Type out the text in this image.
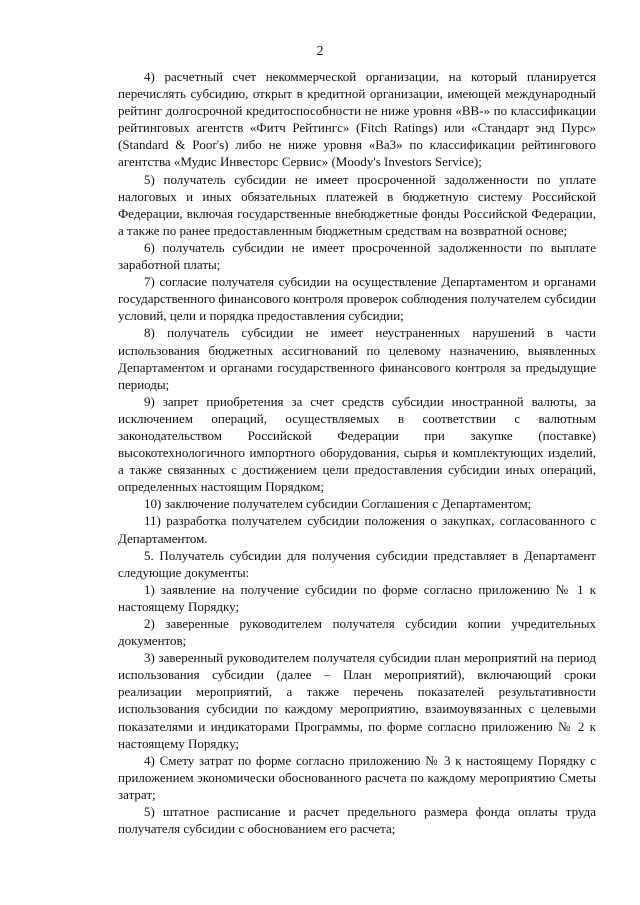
2

4) расчетный счет некоммерческой организации, на который планируется перечислять субсидию, открыт в кредитной организации, имеющей международный рейтинг долгосрочной кредитоспособности не ниже уровня «ВВ-» по классификации рейтинговых агентств «Фитч Рейтингс» (Fitch Ratings) или «Стандарт энд Пурс» (Standard & Poor's) либо не ниже уровня «Ва3» по классификации рейтингового агентства «Мудис Инвесторс Сервис» (Moody's Investors Service);

5) получатель субсидии не имеет просроченной задолженности по уплате налоговых и иных обязательных платежей в бюджетную систему Российской Федерации, включая государственные внебюджетные фонды Российской Федерации, а также по ранее предоставленным бюджетным средствам на возвратной основе;

6) получатель субсидии не имеет просроченной задолженности по выплате заработной платы;

7) согласие получателя субсидии на осуществление Департаментом и органами государственного финансового контроля проверок соблюдения получателем субсидии условий, цели и порядка предоставления субсидии;

8) получатель субсидии не имеет неустраненных нарушений в части использования бюджетных ассигнований по целевому назначению, выявленных Департаментом и органами государственного финансового контроля за предыдущие периоды;

9) запрет приобретения за счет средств субсидии иностранной валюты, за исключением операций, осуществляемых в соответствии с валютным законодательством Российской Федерации при закупке (поставке) высокотехнологичного импортного оборудования, сырья и комплектующих изделий, а также связанных с достижением цели предоставления субсидии иных операций, определенных настоящим Порядком;

10) заключение получателем субсидии Соглашения с Департаментом;

11) разработка получателем субсидии положения о закупках, согласованного с Департаментом.

5. Получатель субсидии для получения субсидии представляет в Департамент следующие документы:

1) заявление на получение субсидии по форме согласно приложению № 1 к настоящему Порядку;

2) заверенные руководителем получателя субсидии копии учредительных документов;

3) заверенный руководителем получателя субсидии план мероприятий на период использования субсидии (далее – План мероприятий), включающий сроки реализации мероприятий, а также перечень показателей результативности использования субсидии по каждому мероприятию, взаимоувязанных с целевыми показателями и индикаторами Программы, по форме согласно приложению № 2 к настоящему Порядку;

4) Смету затрат по форме согласно приложению № 3 к настоящему Порядку с приложением экономически обоснованного расчета по каждому мероприятию Сметы затрат;

5) штатное расписание и расчет предельного размера фонда оплаты труда получателя субсидии с обоснованием его расчета;
